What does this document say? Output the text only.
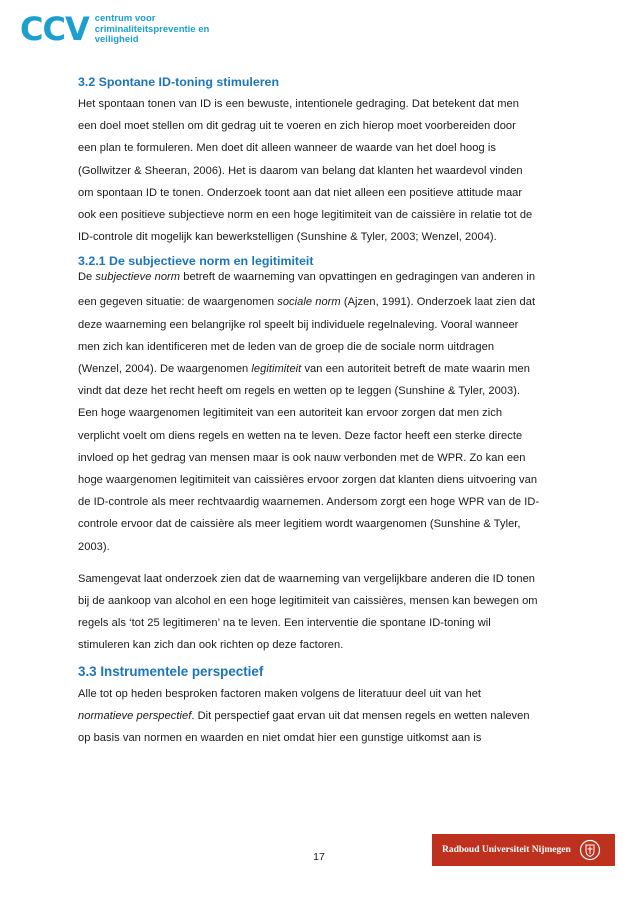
CCV centrum voor
criminaliteitspreventie en
veiligheid
3.2 Spontane ID-toning stimuleren

Het spontaan tonen van ID is een bewuste, intentionele gedraging. Dat betekent dat men

een doel moet stellen om dit gedrag uit te voeren en zich hierop moet voorbereiden door

een plan te formuleren. Men doet dit alleen wanneer de waarde van het doel hoog is

(Gollwitzer & Sheeran, 2006). Het is daarom van belang dat klanten het waardevol vinden

om spontaan ID te tonen. Onderzoek toont aan dat niet alleen een positieve attitude maar

ook een positieve subjectieve norm en een hoge legitimiteit van de caissière in relatie tot de

ID-controle dit mogelijk kan bewerkstelligen (Sunshine & Tyler, 2003; Wenzel, 2004).

3.2.1 De subjectieve norm en legitimiteit

De subjectieve norm betreft de waarneming van opvattingen en gedragingen van anderen in

een gegeven situatie: de waargenomen sociale norm (Ajzen, 1991). Onderzoek laat zien dat

deze waarneming een belangrijke rol speelt bij individuele regelnaleving. Vooral wanneer

men zich kan identificeren met de leden van de groep die de sociale norm uitdragen

(Wenzel, 2004). De waargenomen legitimiteit van een autoriteit betreft de mate waarin men

vindt dat deze het recht heeft om regels en wetten op te leggen (Sunshine & Tyler, 2003).

Een hoge waargenomen legitimiteit van een autoriteit kan ervoor zorgen dat men zich

verplicht voelt om diens regels en wetten na te leven. Deze factor heeft een sterke directe

invloed op het gedrag van mensen maar is ook nauw verbonden met de WPR. Zo kan een

hoge waargenomen legitimiteit van caissières ervoor zorgen dat klanten diens uitvoering van

de ID-controle als meer rechtvaardig waarnemen. Andersom zorgt een hoge WPR van de ID-

controle ervoor dat de caissière als meer legitiem wordt waargenomen (Sunshine & Tyler,

2003).

Samengevat laat onderzoek zien dat de waarneming van vergelijkbare anderen die ID tonen

bij de aankoop van alcohol en een hoge legitimiteit van caissières, mensen kan bewegen om

regels als ‘tot 25 legitimeren’ na te leven. Een interventie die spontane ID-toning wil

stimuleren kan zich dan ook richten op deze factoren.

3.3 Instrumentele perspectief

Alle tot op heden besproken factoren maken volgens de literatuur deel uit van het

normatieve perspectief. Dit perspectief gaat ervan uit dat mensen regels en wetten naleven

op basis van normen en waarden en niet omdat hier een gunstige uitkomst aan is

17
Radboud Universiteit Nijmegen
